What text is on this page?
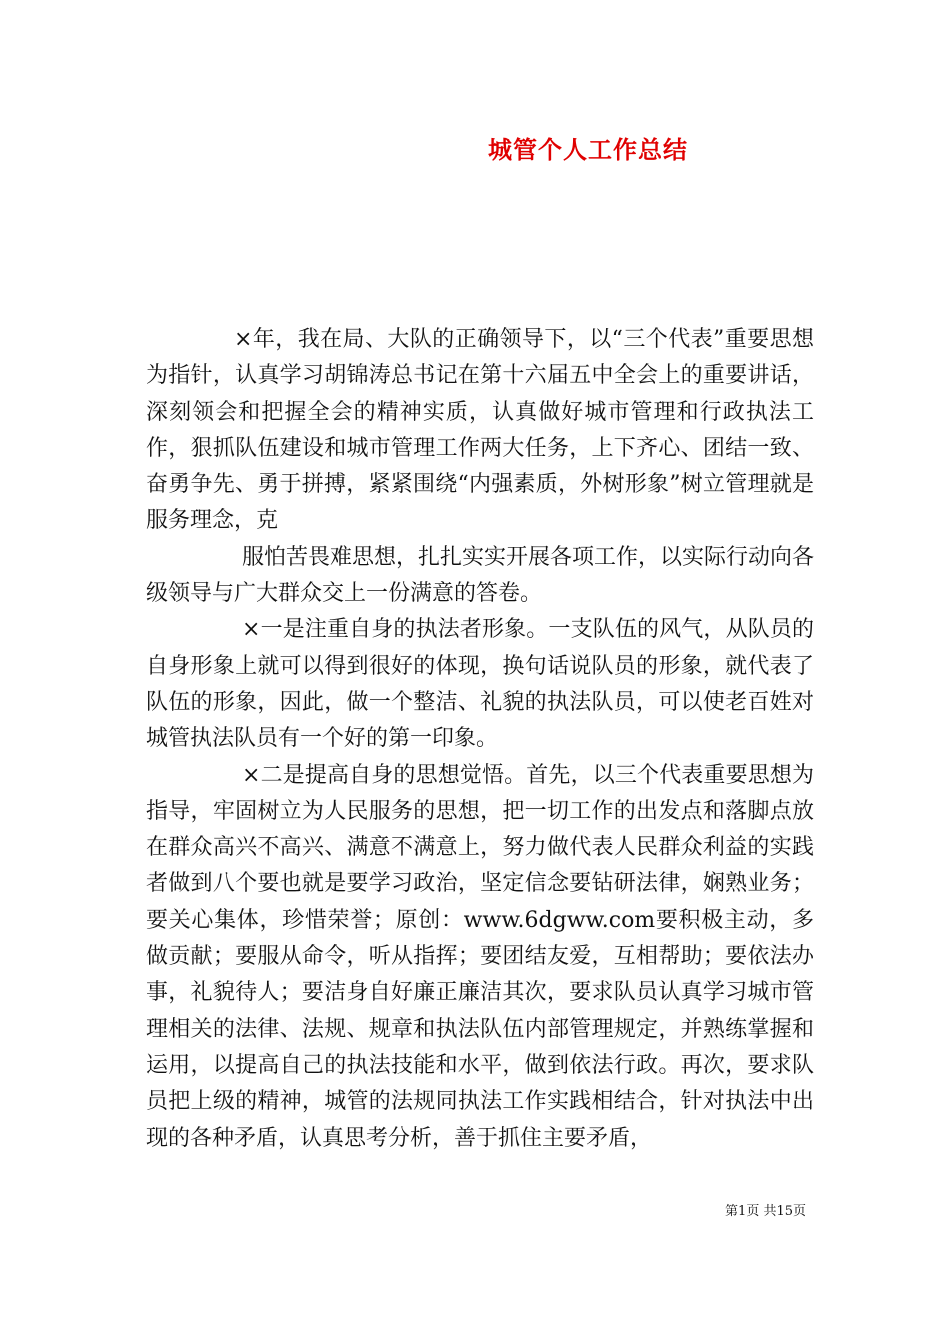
城管个人工作总结

×年，我在局、大队的正确领导下，以“三个代表”重要思想为指针，认真学习胡锦涛总书记在第十六届五中全会上的重要讲话，深刻领会和把握全会的精神实质，认真做好城市管理和行政执法工作，狠抓队伍建设和城市管理工作两大任务，上下齐心、团结一致、奋勇争先、勇于拼搏，紧紧围绕“内强素质，外树形象”树立管理就是服务理念，克

服怕苦畏难思想，扎扎实实开展各项工作，以实际行动向各级领导与广大群众交上一份满意的答卷。

×一是注重自身的执法者形象。一支队伍的风气，从队员的自身形象上就可以得到很好的体现，换句话说队员的形象，就代表了队伍的形象，因此，做一个整洁、礼貌的执法队员，可以使老百姓对城管执法队员有一个好的第一印象。

×二是提高自身的思想觉悟。首先，以三个代表重要思想为指导，牢固树立为人民服务的思想，把一切工作的出发点和落脚点放在群众高兴不高兴、满意不满意上，努力做代表人民群众利益的实践者做到八个要也就是要学习政治，坚定信念要钻研法律，娴熟业务；要关心集体，珍惜荣誉；原创：www.6dgww.com要积极主动，多做贡献；要服从命令，听从指挥；要团结友爱，互相帮助；要依法办事，礼貌待人；要洁身自好廉正廉洁其次，要求队员认真学习城市管理相关的法律、法规、规章和执法队伍内部管理规定，并熟练掌握和运用，以提高自己的执法技能和水平，做到依法行政。再次，要求队员把上级的精神，城管的法规同执法工作实践相结合，针对执法中出现的各种矛盾，认真思考分析，善于抓住主要矛盾，

第1页 共15页
